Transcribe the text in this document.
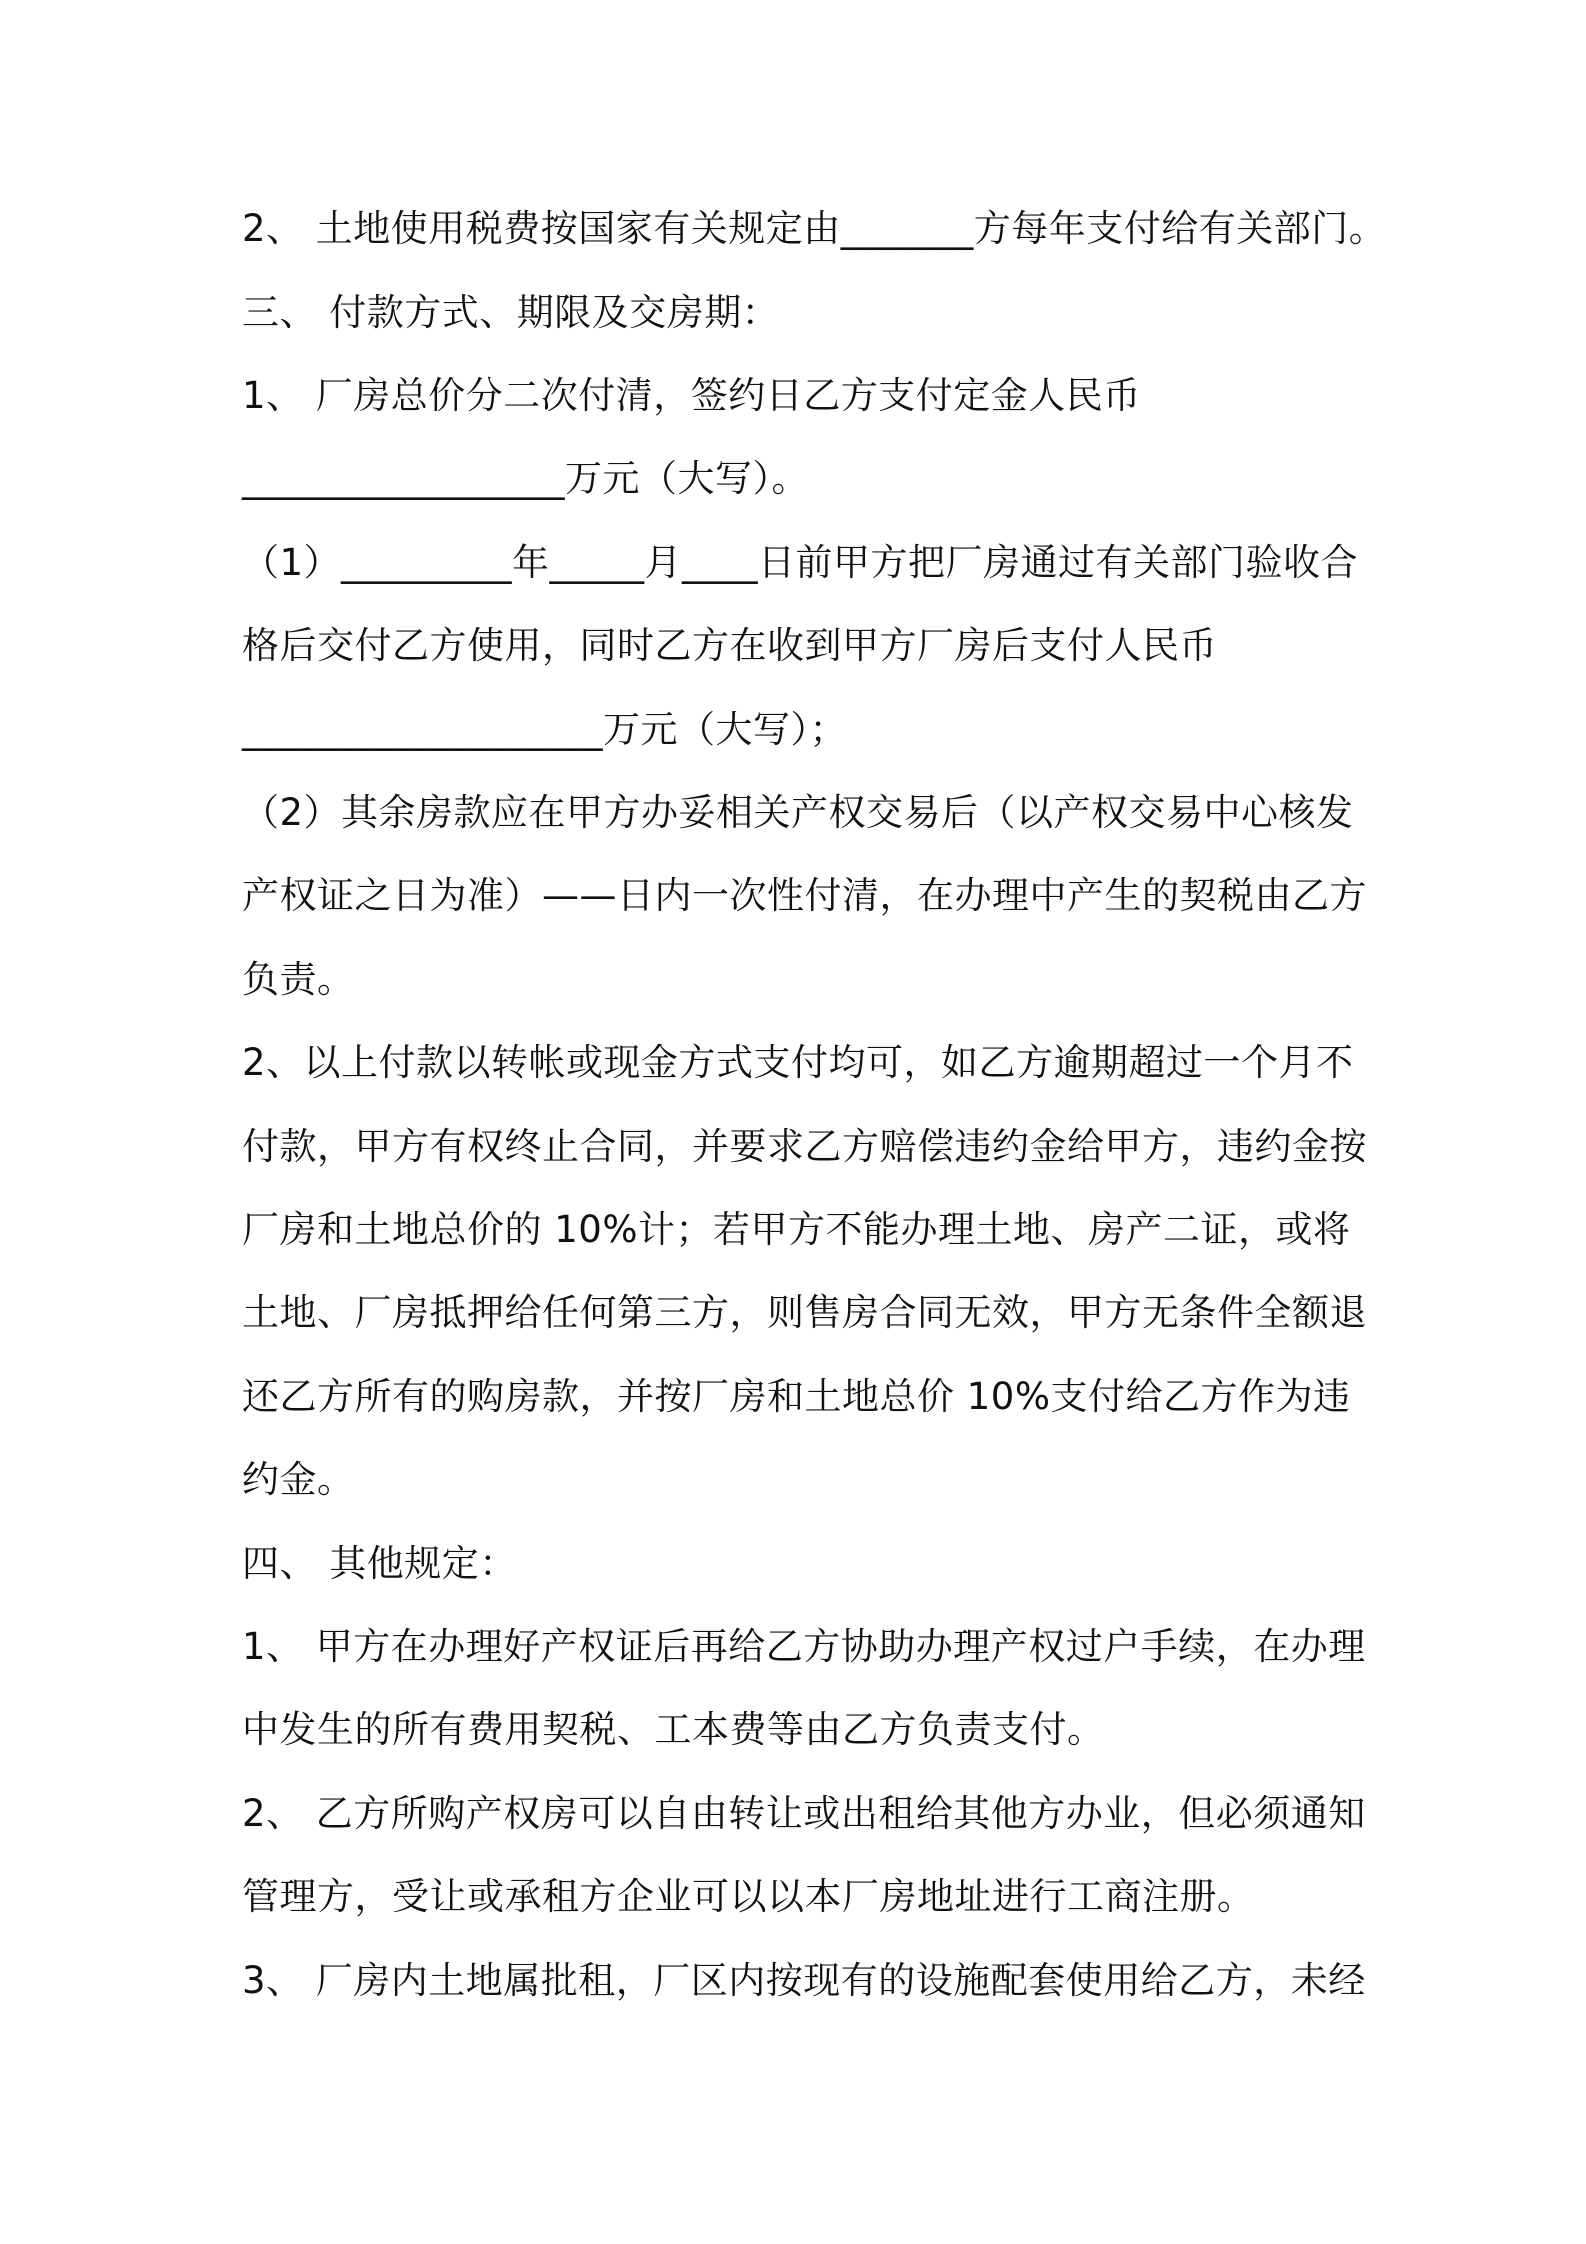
2、 土地使用税费按国家有关规定由_______方每年支付给有关部门。

三、 付款方式、期限及交房期：

1、 厂房总价分二次付清，签约日乙方支付定金人民币

_________________万元（大写）。

（1）_________年_____月____日前甲方把厂房通过有关部门验收合

格后交付乙方使用，同时乙方在收到甲方厂房后支付人民币

___________________万元（大写）；

（2）其余房款应在甲方办妥相关产权交易后（以产权交易中心核发

产权证之日为准）——日内一次性付清，在办理中产生的契税由乙方

负责。

2、以上付款以转帐或现金方式支付均可，如乙方逾期超过一个月不

付款，甲方有权终止合同，并要求乙方赔偿违约金给甲方，违约金按

厂房和土地总价的 10%计；若甲方不能办理土地、房产二证，或将

土地、厂房抵押给任何第三方，则售房合同无效，甲方无条件全额退

还乙方所有的购房款，并按厂房和土地总价 10%支付给乙方作为违

约金。

四、 其他规定：

1、 甲方在办理好产权证后再给乙方协助办理产权过户手续，在办理

中发生的所有费用契税、工本费等由乙方负责支付。

2、 乙方所购产权房可以自由转让或出租给其他方办业，但必须通知

管理方，受让或承租方企业可以以本厂房地址进行工商注册。

3、 厂房内土地属批租，厂区内按现有的设施配套使用给乙方，未经
